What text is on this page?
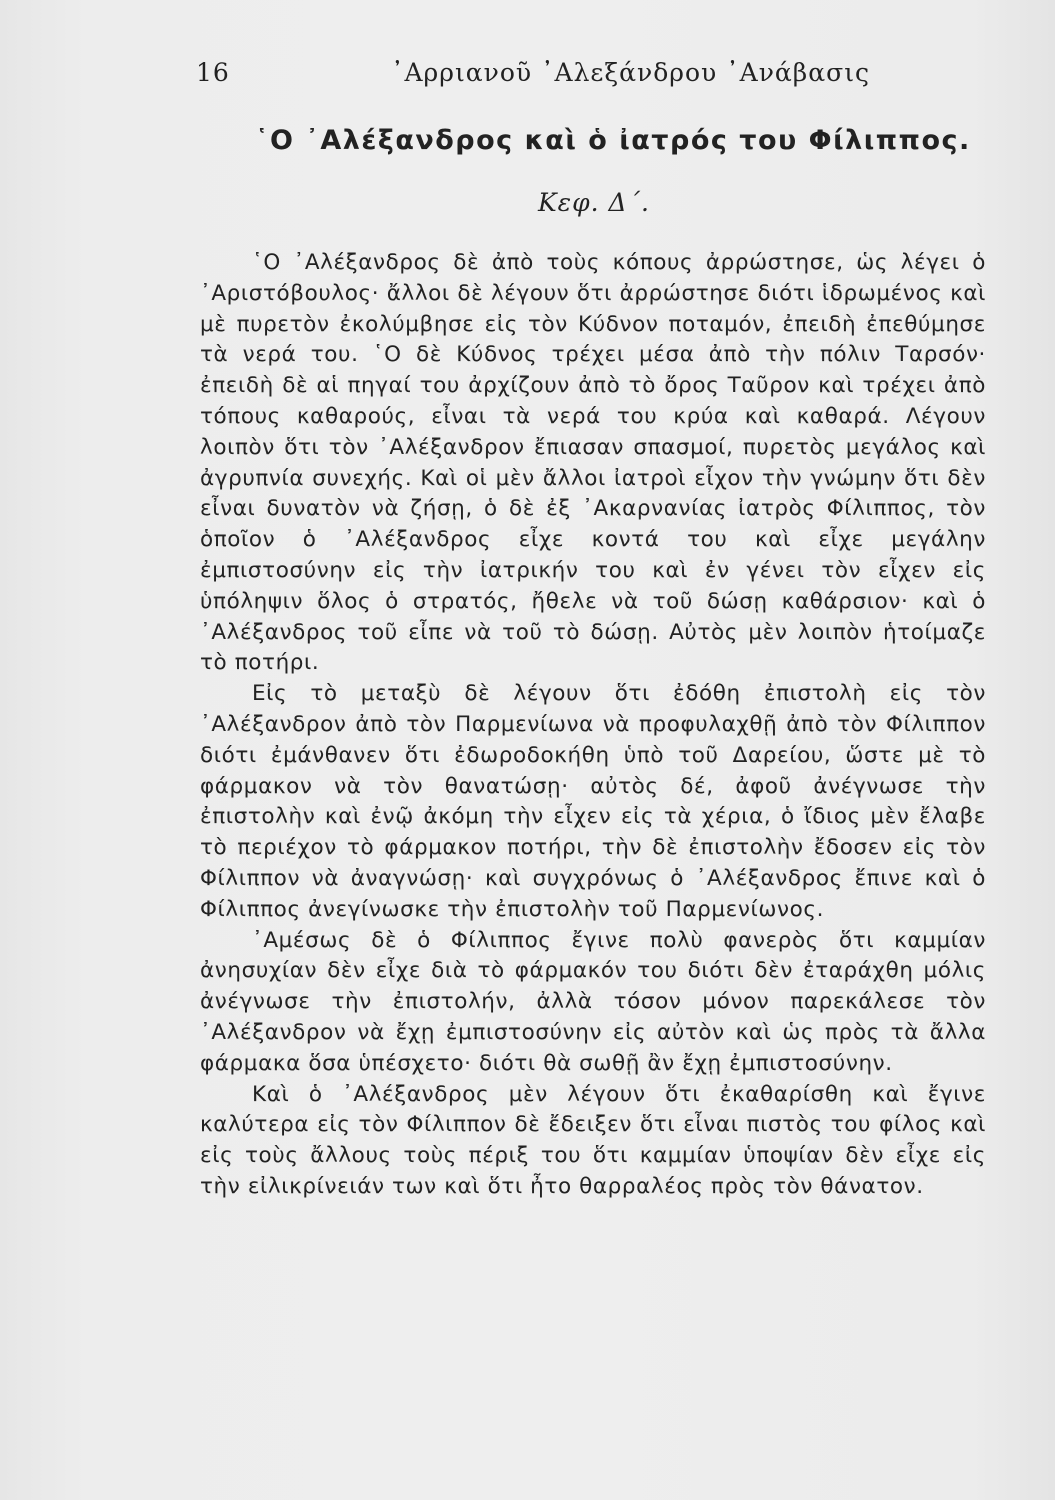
16	᾿Αρριανοῦ ᾿Αλεξάνδρου ᾿Ανάβασις
῾Ο ᾿Αλέξανδρος καὶ ὁ ἰατρός του Φίλιππος.
Κεφ. Δ΄.

῾Ο ᾿Αλέξανδρος δὲ ἀπὸ τοὺς κόπους ἀρρώστησε, ὡς λέγει ὁ ᾿Αριστόβουλος· ἄλλοι δὲ λέγουν ὅτι ἀρρώστησε διότι ἱδρωμένος καὶ μὲ πυρετὸν ἐκολύμβησε εἰς τὸν Κύδνον ποταμόν, ἐπειδὴ ἐπεθύμησε τὰ νερά του. ῾Ο δὲ Κύδνος τρέχει μέσα ἀπὸ τὴν πόλιν Ταρσόν· ἐπειδὴ δὲ αἱ πηγαί του ἀρχίζουν ἀπὸ τὸ ὄρος Ταῦρον καὶ τρέχει ἀπὸ τόπους καθαρούς, εἶναι τὰ νερά του κρύα καὶ καθαρά. Λέγουν λοιπὸν ὅτι τὸν ᾿Αλέξανδρον ἔπιασαν σπασμοί, πυρετὸς μεγάλος καὶ ἀγρυπνία συνεχής. Καὶ οἱ μὲν ἄλλοι ἰατροὶ εἶχον τὴν γνώμην ὅτι δὲν εἶναι δυνατὸν νὰ ζήσῃ, ὁ δὲ ἐξ ᾿Ακαρνανίας ἰατρὸς Φίλιππος, τὸν ὁποῖον ὁ ᾿Αλέξανδρος εἶχε κοντά του καὶ εἶχε μεγάλην ἐμπιστοσύνην εἰς τὴν ἰατρικήν του καὶ ἐν γένει τὸν εἶχεν εἰς ὑπόληψιν ὅλος ὁ στρατός, ἤθελε νὰ τοῦ δώσῃ καθάρσιον· καὶ ὁ ᾿Αλέξανδρος τοῦ εἶπε νὰ τοῦ τὸ δώσῃ. Αὐτὸς μὲν λοιπὸν ἡτοίμαζε τὸ ποτήρι.

Εἰς τὸ μεταξὺ δὲ λέγουν ὅτι ἐδόθη ἐπιστολὴ εἰς τὸν ᾿Αλέξανδρον ἀπὸ τὸν Παρμενίωνα νὰ προφυλαχθῇ ἀπὸ τὸν Φίλιππον διότι ἐμάνθανεν ὅτι ἐδωροδοκήθη ὑπὸ τοῦ Δαρείου, ὥστε μὲ τὸ φάρμακον νὰ τὸν θανατώσῃ· αὐτὸς δέ, ἀφοῦ ἀνέγνωσε τὴν ἐπιστολὴν καὶ ἐνῷ ἀκόμη τὴν εἶχεν εἰς τὰ χέρια, ὁ ἴδιος μὲν ἔλαβε τὸ περιέχον τὸ φάρμακον ποτήρι, τὴν δὲ ἐπιστολὴν ἔδοσεν εἰς τὸν Φίλιππον νὰ ἀναγνώσῃ· καὶ συγχρόνως ὁ ᾿Αλέξανδρος ἔπινε καὶ ὁ Φίλιππος ἀνεγίνωσκε τὴν ἐπιστολὴν τοῦ Παρμενίωνος.

᾿Αμέσως δὲ ὁ Φίλιππος ἔγινε πολὺ φανερὸς ὅτι καμμίαν ἀνησυχίαν δὲν εἶχε διὰ τὸ φάρμακόν του διότι δὲν ἐταράχθη μόλις ἀνέγνωσε τὴν ἐπιστολήν, ἀλλὰ τόσον μόνον παρεκάλεσε τὸν ᾿Αλέξανδρον νὰ ἔχῃ ἐμπιστοσύνην εἰς αὐτὸν καὶ ὡς πρὸς τὰ ἄλλα φάρμακα ὅσα ὑπέσχετο· διότι θὰ σωθῇ ἂν ἔχῃ ἐμπιστοσύνην.

Καὶ ὁ ᾿Αλέξανδρος μὲν λέγουν ὅτι ἐκαθαρίσθη καὶ ἔγινε καλύτερα εἰς τὸν Φίλιππον δὲ ἔδειξεν ὅτι εἶναι πιστὸς του φίλος καὶ εἰς τοὺς ἄλλους τοὺς πέριξ του ὅτι καμμίαν ὑποψίαν δὲν εἶχε εἰς τὴν εἰλικρίνειάν των καὶ ὅτι ἦτο θαρραλέος πρὸς τὸν θάνατον.
